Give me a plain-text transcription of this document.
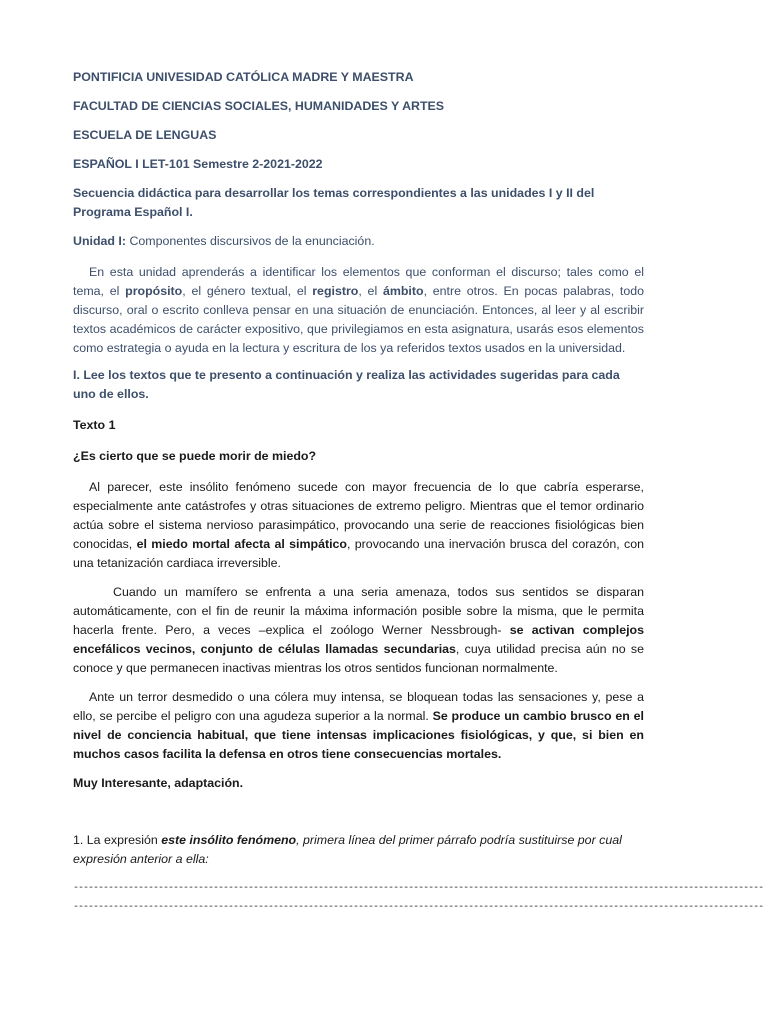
PONTIFICIA UNIVESIDAD CATÓLICA MADRE Y MAESTRA

FACULTAD DE CIENCIAS SOCIALES, HUMANIDADES Y ARTES

ESCUELA DE LENGUAS

ESPAÑOL I LET-101 Semestre 2-2021-2022

Secuencia didáctica para desarrollar los temas correspondientes a las unidades I y II del Programa Español I.

Unidad I: Componentes discursivos de la enunciación.

En esta unidad aprenderás a identificar los elementos que conforman el discurso; tales como el tema, el propósito, el género textual, el registro, el ámbito, entre otros. En pocas palabras, todo discurso, oral o escrito conlleva pensar en una situación de enunciación. Entonces, al leer y al escribir textos académicos de carácter expositivo, que privilegiamos en esta asignatura, usarás esos elementos como estrategia o ayuda en la lectura y escritura de los ya referidos textos usados en la universidad.

I. Lee los textos que te presento a continuación y realiza las actividades sugeridas para cada uno de ellos.

Texto 1

¿Es cierto que se puede morir de miedo?

Al parecer, este insólito fenómeno sucede con mayor frecuencia de lo que cabría esperarse, especialmente ante catástrofes y otras situaciones de extremo peligro. Mientras que el temor ordinario actúa sobre el sistema nervioso parasimpático, provocando una serie de reacciones fisiológicas bien conocidas, el miedo mortal afecta al simpático, provocando una inervación brusca del corazón, con una tetanización cardiaca irreversible.

Cuando un mamífero se enfrenta a una seria amenaza, todos sus sentidos se disparan automáticamente, con el fin de reunir la máxima información posible sobre la misma, que le permita hacerla frente. Pero, a veces –explica el zoólogo Werner Nessbrough- se activan complejos encefálicos vecinos, conjunto de células llamadas secundarias, cuya utilidad precisa aún no se conoce y que permanecen inactivas mientras los otros sentidos funcionan normalmente.

Ante un terror desmedido o una cólera muy intensa, se bloquean todas las sensaciones y, pese a ello, se percibe el peligro con una agudeza superior a la normal. Se produce un cambio brusco en el nivel de conciencia habitual, que tiene intensas implicaciones fisiológicas, y que, si bien en muchos casos facilita la defensa en otros tiene consecuencias mortales.

Muy Interesante, adaptación.

1. La expresión este insólito fenómeno, primera línea del primer párrafo podría sustituirse por cual expresión anterior a ella:

------------------------------------------------------------------------------------------------------------------------------------------
------------------------------------------------------------------------------------------------------------------------------------------
